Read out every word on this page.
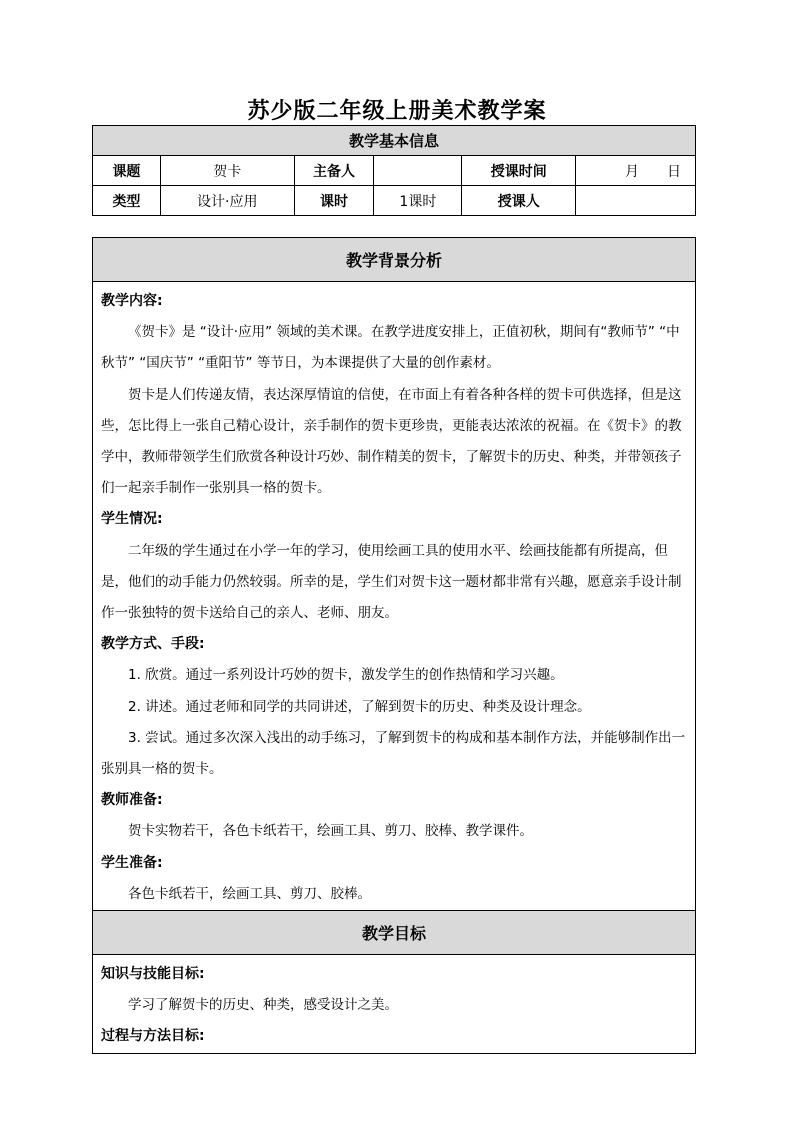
苏少版二年级上册美术教学案
教学基本信息					
课题	贺卡	主备人		授课时间	月　　日
类型	设计·应用	课时	1课时	授课人	
教学背景分析

教学内容:

《贺卡》是 “设计·应用” 领域的美术课。在教学进度安排上，正值初秋，期间有“教师节” “中秋节” “国庆节” “重阳节” 等节日，为本课提供了大量的创作素材。

贺卡是人们传递友情，表达深厚情谊的信使，在市面上有着各种各样的贺卡可供选择，但是这些，怎比得上一张自己精心设计，亲手制作的贺卡更珍贵，更能表达浓浓的祝福。在《贺卡》的教学中，教师带领学生们欣赏各种设计巧妙、制作精美的贺卡，了解贺卡的历史、种类，并带领孩子们一起亲手制作一张别具一格的贺卡。

学生情况:

二年级的学生通过在小学一年的学习，使用绘画工具的使用水平、绘画技能都有所提高，但是，他们的动手能力仍然较弱。所幸的是，学生们对贺卡这一题材都非常有兴趣，愿意亲手设计制作一张独特的贺卡送给自己的亲人、老师、朋友。

教学方式、手段:

1. 欣赏。通过一系列设计巧妙的贺卡，激发学生的创作热情和学习兴趣。

2. 讲述。通过老师和同学的共同讲述，了解到贺卡的历史、种类及设计理念。

3. 尝试。通过多次深入浅出的动手练习，了解到贺卡的构成和基本制作方法，并能够制作出一张别具一格的贺卡。

教师准备:

贺卡实物若干，各色卡纸若干，绘画工具、剪刀、胶棒、教学课件。

学生准备:

各色卡纸若干，绘画工具、剪刀、胶棒。

教学目标

知识与技能目标:

学习了解贺卡的历史、种类，感受设计之美。

过程与方法目标:
